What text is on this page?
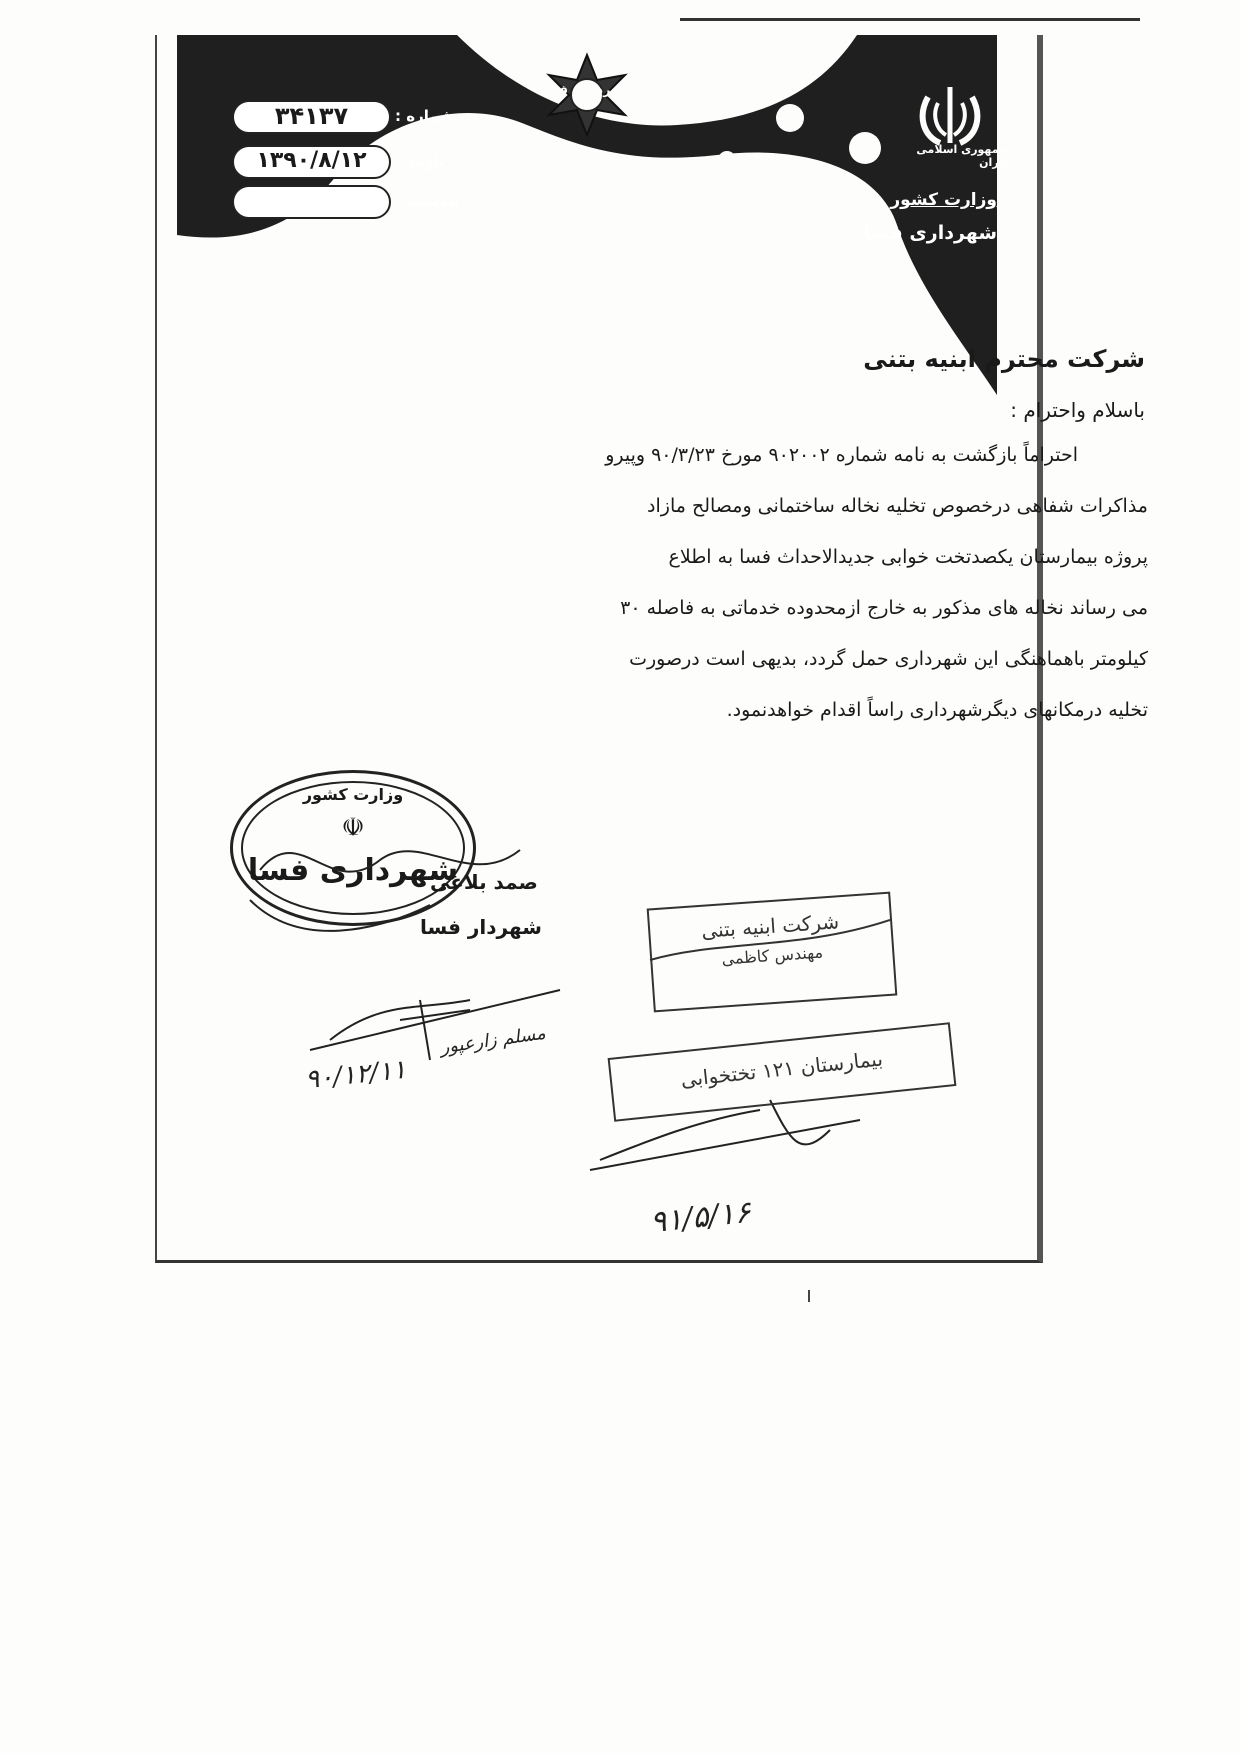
جمهوری اسلامی ایران
شهرداری فسا
وزارت کشور
شهرداری فسا
۳۴۱۳۷	شماره :
۱۳۹۰/۸/۱۲	تاریخ :
پیوست :
شرکت محترم ابنیه بتنی
باسلام واحترام :
احتراماً بازگشت به نامه شماره ۹۰۲۰۰۲ مورخ ۹۰/۳/۲۳ وپیرو
مذاکرات شفاهی درخصوص تخلیه نخاله ساختمانی ومصالح مازاد
پروژه بیمارستان یکصدتخت خوابی جدیدالاحداث فسا به اطلاع
می رساند نخاله های مذکور به خارج ازمحدوده خدماتی به فاصله ۳۰
کیلومتر باهماهنگی این شهرداری حمل گردد، بدیهی است درصورت
تخلیه درمکانهای دیگرشهرداری راساً اقدام خواهدنمود.
وزارت کشور
☫
شهرداری فسا
صمد بلاغی
شهردار فسا	شرکت ابنیه بتنی
مهندس کاظمی
بیمارستان ۱۲۱ تختخوابی
مسلم زارعپور
۹۰/۱۲/۱۱
۹۱/۵/۱۶
